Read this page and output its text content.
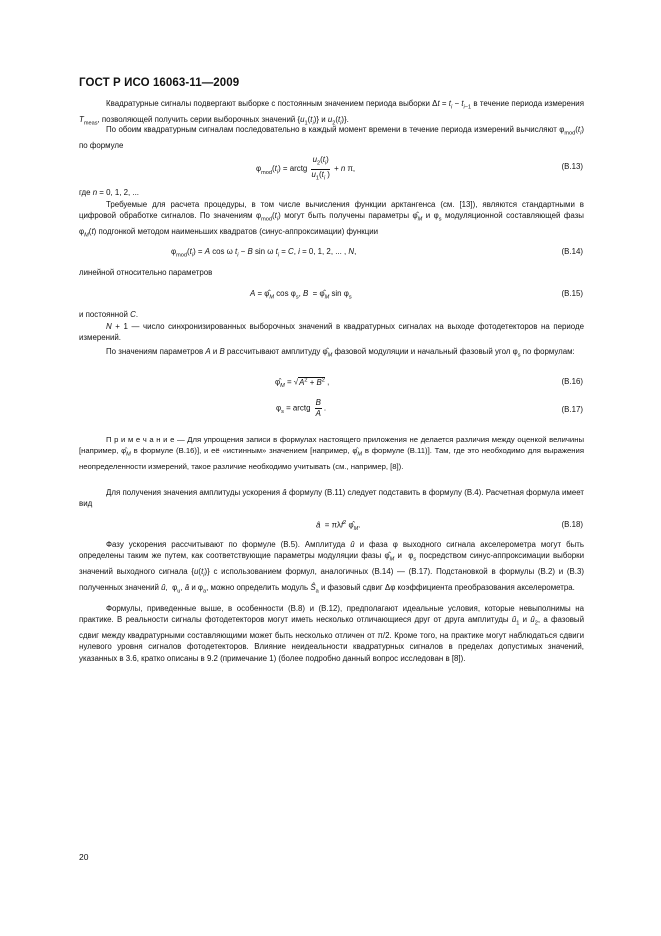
ГОСТ Р ИСО 16063-11—2009
Квадратурные сигналы подвергают выборке с постоянным значением периода выборки $\Delta t = t_i - t_{i-1}$ в течение периода измерения $T_{meas}$, позволяющей получить серии выборочных значений $\{u_1(t_i)\}$ и $u_2(t_i)$}.
По обоим квадратурным сигналам последовательно в каждый момент времени в течение периода измерений вычисляют $\varphi_{mod}(t_i)$ по формуле
$\varphi_{mod}(t_i)$ = arctg $\frac{u_2(t_i)}{u_1(t_i )} + n$ π,	(B.13)
где n = 0, 1, 2, ...
Требуемые для расчета процедуры, в том числе вычисления функции арктангенса (см. [13]), являются стандартными в цифровой обработке сигналов. По значениям $\varphi_{mod}(t_i)$ могут быть получены параметры $\varphî_M$ и $\varphi_s$ модуляционной составляющей фазы $\varphi_M(t)$ подгонкой методом наименьших квадратов (синус-аппроксимации) функции
$\varphi_{mod}(t_i) = A$ cos ω $t_i - B$ sin ω $t_i = C$, i = 0, 1, 2, ... , N,	(B.14)
линейной относительно параметров
$A = \varphî_M$ $\cos \varphi_s$, $B = \varphî_M$ $\sin \varphi_s$	(B.15)
и постоянной C.
N + 1 — число синхронизированных выборочных значений в квадратурных сигналах на выходе фотодетекторов на периоде измерений.
По значениям параметров A и B рассчитывают амплитуду $\varphî_M$ фазовой модуляции и начальный фазовый угол $\varphi_s$ по формулам:
$\varphî_M = √A^2 + B^2$ ,	(B.16)
$\varphi_s$ = arctg $\frac{B}{A}$ .	(B.17)
П р и м е ч а н и е — Для упрощения записи в формулах настоящего приложения не делается различия между оценкой величины [например, $\varphî_M$ в формуле (B.16)], и её «истинным» значением [например, $\varphî_M$ в формуле (B.11)]. Там, где это необходимо для выражения неопределенности измерений, такое различие необходимо учитывать (см., например, [8]).
Для получения значения амплитуды ускорения â формулу (B.11) следует подставить в формулу (B.4). Расчетная формула имеет вид
â  = πλf$^2$ $\varphî_M$.	(B.18)
Фазу ускорения рассчитывают по формуле (B.5). Амплитуда û и фаза φ выходного сигнала акселерометра могут быть определены таким же путем, как соответствующие параметры модуляции фазы $\varphî_M$ и  $\varphi_s$ посредством синус-аппроксимации выборки значений выходного сигнала $\{u(t_i)\}$ с использованием формул, аналогичных (B.14) — (B.17). Подстановкой в формулы (B.2) и (B.3) полученных значений û,  $\varphi_u$, â и $\varphi_a$, можно определить модуль $Ŝ_a$ и фазовый сдвиг Δφ коэффициента преобразования акселерометра.
Формулы, приведенные выше, в особенности (B.8) и (B.12), предполагают идеальные условия, которые невыполнимы на практике. В реальности сигналы фотодетекторов могут иметь несколько отличающиеся друг от друга амплитуды $û_1$ и $û_2$, а фазовый сдвиг между квадратурными составляющими может быть несколько отличен от π/2. Кроме того, на практике могут наблюдаться сдвиги нулевого уровня сигналов фотодетекторов. Влияние неидеальности квадратурных сигналов в пределах допустимых значений, указанных в 3.6, кратко описаны в 9.2 (примечание 1) (более подробно данный вопрос исследован в [8]).
20
